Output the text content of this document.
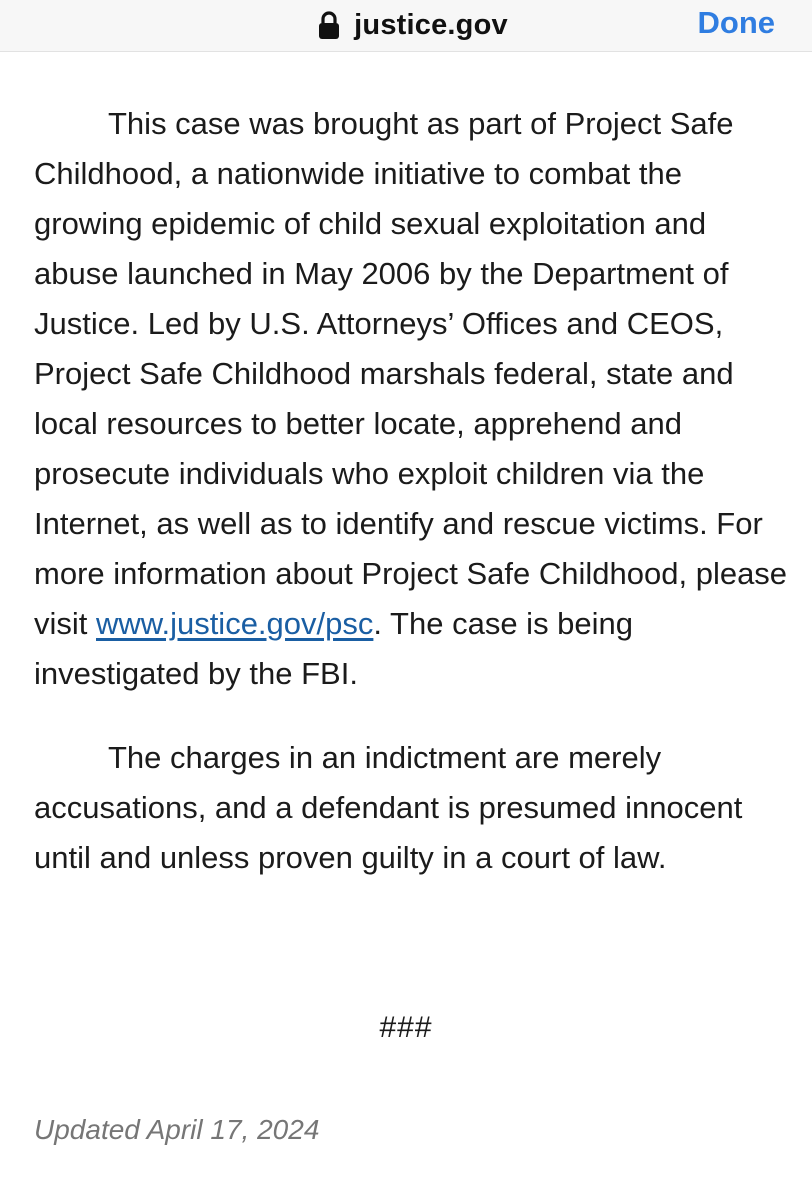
justice.gov	Done

This case was brought as part of Project Safe Childhood, a nationwide initiative to combat the growing epidemic of child sexual exploitation and abuse launched in May 2006 by the Department of Justice. Led by U.S. Attorneys’ Offices and CEOS, Project Safe Childhood marshals federal, state and local resources to better locate, apprehend and prosecute individuals who exploit children via the Internet, as well as to identify and rescue victims. For more information about Project Safe Childhood, please visit www.justice.gov/psc. The case is being investigated by the FBI.

The charges in an indictment are merely accusations, and a defendant is presumed innocent until and unless proven guilty in a court of law.

###
Updated April 17, 2024
